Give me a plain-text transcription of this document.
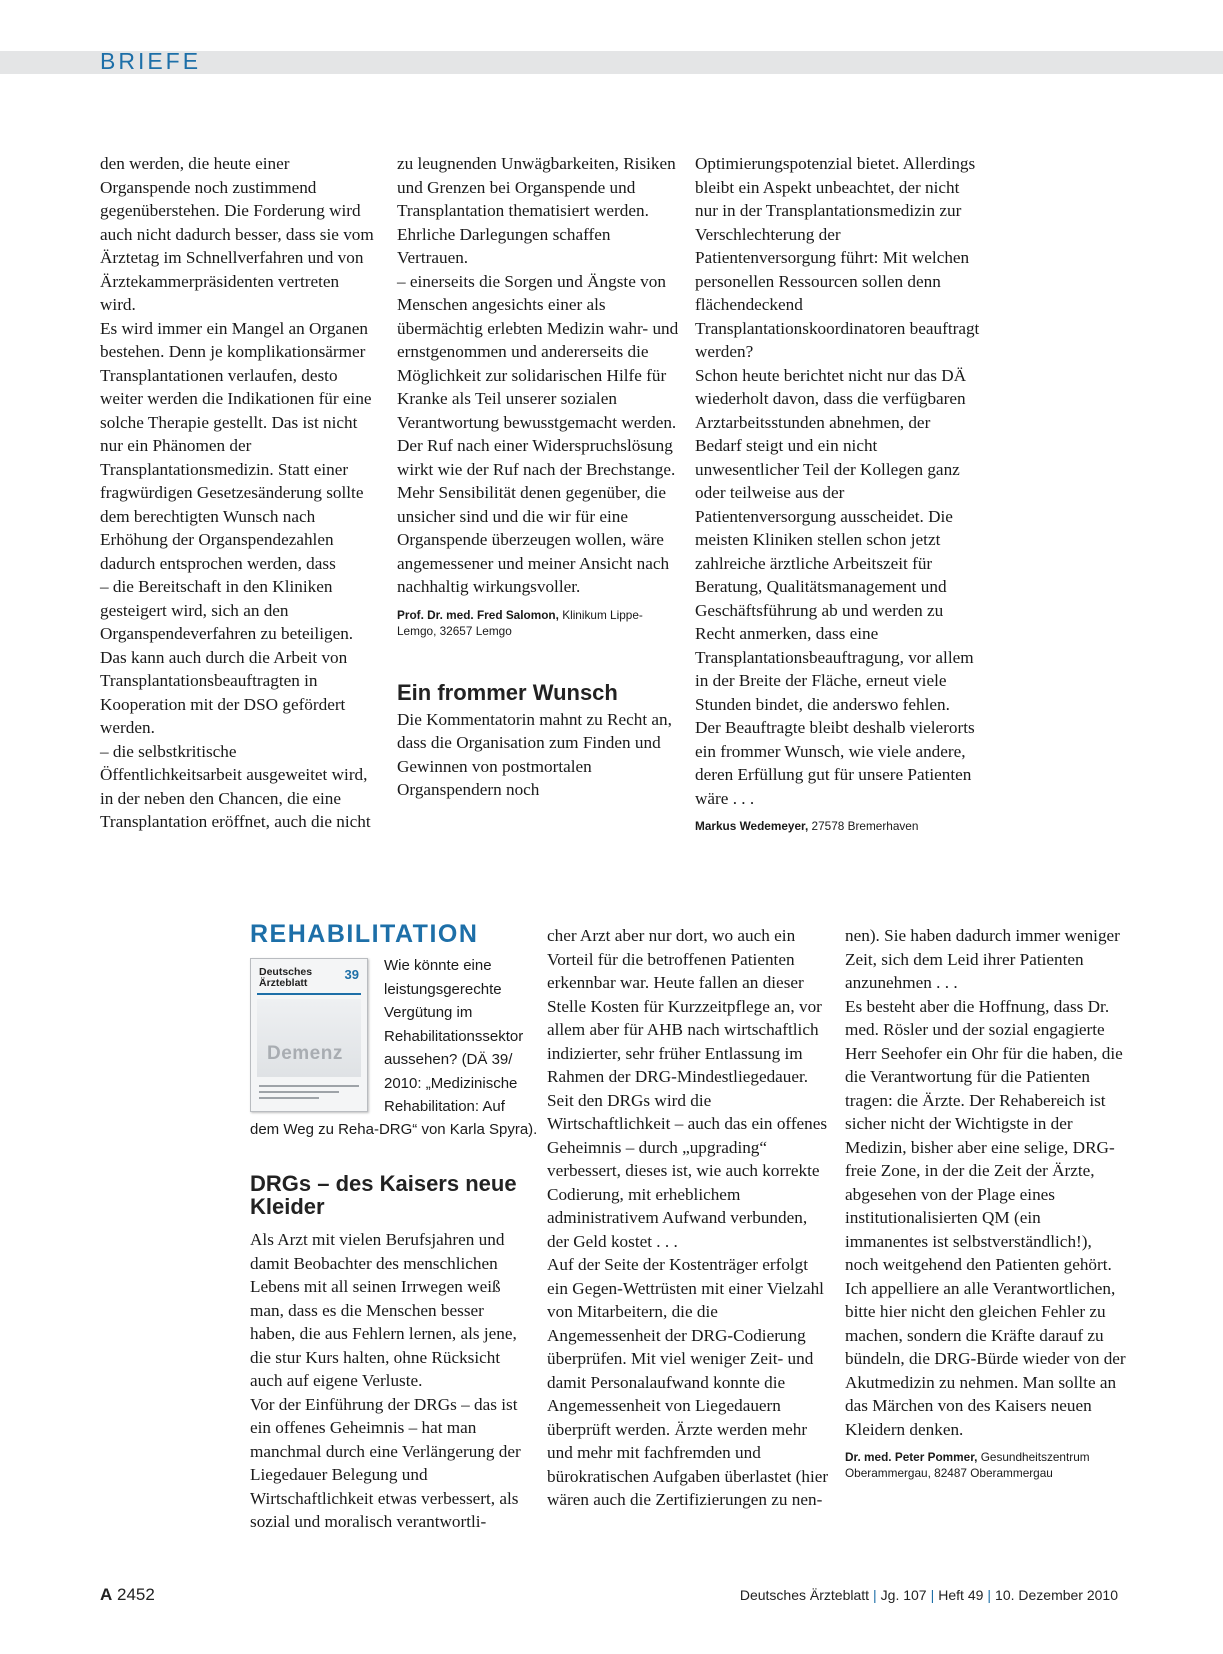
BRIEFE

den werden, die heute einer Organspende noch zustimmend gegenüberstehen. Die Forderung wird auch nicht dadurch besser, dass sie vom Ärztetag im Schnellverfahren und von Ärztekammerpräsidenten vertreten wird.

Es wird immer ein Mangel an Organen bestehen. Denn je komplikationsärmer Transplantationen verlaufen, desto weiter werden die Indikationen für eine solche Therapie gestellt. Das ist nicht nur ein Phänomen der Transplantationsmedizin. Statt einer fragwürdigen Gesetzesänderung sollte dem berechtigten Wunsch nach Erhöhung der Organspendezahlen dadurch entsprochen werden, dass

– die Bereitschaft in den Kliniken gesteigert wird, sich an den Organspendeverfahren zu beteiligen. Das kann auch durch die Arbeit von Transplantationsbeauftragten in Kooperation mit der DSO gefördert werden.

– die selbstkritische Öffentlichkeitsarbeit ausgeweitet wird, in der neben den Chancen, die eine Transplantation eröffnet, auch die nicht

zu leugnenden Unwägbarkeiten, Risiken und Grenzen bei Organspende und Transplantation thematisiert werden. Ehrliche Darlegungen schaffen Vertrauen.

– einerseits die Sorgen und Ängste von Menschen angesichts einer als übermächtig erlebten Medizin wahr- und ernstgenommen und andererseits die Möglichkeit zur solidarischen Hilfe für Kranke als Teil unserer sozialen Verantwortung bewusstgemacht werden.

Der Ruf nach einer Widerspruchslösung wirkt wie der Ruf nach der Brechstange. Mehr Sensibilität denen gegenüber, die unsicher sind und die wir für eine Organspende überzeugen wollen, wäre angemessener und meiner Ansicht nach nachhaltig wirkungsvoller.

Prof. Dr. med. Fred Salomon, Klinikum Lippe-Lemgo, 32657 Lemgo
Ein frommer Wunsch

Die Kommentatorin mahnt zu Recht an, dass die Organisation zum Finden und Gewinnen von postmortalen Organspendern noch

Optimierungspotenzial bietet. Allerdings bleibt ein Aspekt unbeachtet, der nicht nur in der Transplantationsmedizin zur Verschlechterung der Patientenversorgung führt: Mit welchen personellen Ressourcen sollen denn flächendeckend Transplantationskoordinatoren beauftragt werden?

Schon heute berichtet nicht nur das DÄ wiederholt davon, dass die verfügbaren Arztarbeitsstunden abnehmen, der Bedarf steigt und ein nicht unwesentlicher Teil der Kollegen ganz oder teilweise aus der Patientenversorgung ausscheidet. Die meisten Kliniken stellen schon jetzt zahlreiche ärztliche Arbeitszeit für Beratung, Qualitätsmanagement und Geschäftsführung ab und werden zu Recht anmerken, dass eine Transplantationsbeauftragung, vor allem in der Breite der Fläche, erneut viele Stunden bindet, die anderswo fehlen.

Der Beauftragte bleibt deshalb vielerorts ein frommer Wunsch, wie viele andere, deren Erfüllung gut für unsere Patienten wäre . . .

Markus Wedemeyer, 27578 Bremerhaven
REHABILITATION
Deutsches
Ärzteblatt
39
Demenz
Wie könnte eine leistungsgerechte Vergütung im Rehabilitationssektor aussehen? (DÄ 39/ 2010: „Medizinische Rehabilitation: Auf
dem Weg zu Reha-DRG“ von Karla Spyra).
DRGs – des Kaisers neue Kleider

Als Arzt mit vielen Berufsjahren und damit Beobachter des menschlichen Lebens mit all seinen Irrwegen weiß man, dass es die Menschen besser haben, die aus Fehlern lernen, als jene, die stur Kurs halten, ohne Rücksicht auch auf eigene Verluste.

Vor der Einführung der DRGs – das ist ein offenes Geheimnis – hat man manchmal durch eine Verlängerung der Liegedauer Belegung und Wirtschaftlichkeit etwas verbessert, als sozial und moralisch verantwortli-

cher Arzt aber nur dort, wo auch ein Vorteil für die betroffenen Patienten erkennbar war. Heute fallen an dieser Stelle Kosten für Kurzzeitpflege an, vor allem aber für AHB nach wirtschaftlich indizierter, sehr früher Entlassung im Rahmen der DRG-Mindestliegedauer.

Seit den DRGs wird die Wirtschaftlichkeit – auch das ein offenes Geheimnis – durch „upgrading“ verbessert, dieses ist, wie auch korrekte Codierung, mit erheblichem administrativem Aufwand verbunden, der Geld kostet . . .

Auf der Seite der Kostenträger erfolgt ein Gegen-Wettrüsten mit einer Vielzahl von Mitarbeitern, die die Angemessenheit der DRG-Codierung überprüfen. Mit viel weniger Zeit- und damit Personalaufwand konnte die Angemessenheit von Liegedauern überprüft werden. Ärzte werden mehr und mehr mit fachfremden und bürokratischen Aufgaben überlastet (hier wären auch die Zertifizierungen zu nen-

nen). Sie haben dadurch immer weniger Zeit, sich dem Leid ihrer Patienten anzunehmen . . .

Es besteht aber die Hoffnung, dass Dr. med. Rösler und der sozial engagierte Herr Seehofer ein Ohr für die haben, die die Verantwortung für die Patienten tragen: die Ärzte. Der Rehabereich ist sicher nicht der Wichtigste in der Medizin, bisher aber eine selige, DRG-freie Zone, in der die Zeit der Ärzte, abgesehen von der Plage eines institutionalisierten QM (ein immanentes ist selbstverständlich!), noch weitgehend den Patienten gehört.

Ich appelliere an alle Verantwortlichen, bitte hier nicht den gleichen Fehler zu machen, sondern die Kräfte darauf zu bündeln, die DRG-Bürde wieder von der Akutmedizin zu nehmen. Man sollte an das Märchen von des Kaisers neuen Kleidern denken.

Dr. med. Peter Pommer, Gesundheitszentrum Oberammergau, 82487 Oberammergau
A 2452	Deutsches Ärzteblatt | Jg. 107 | Heft 49 | 10. Dezember 2010
